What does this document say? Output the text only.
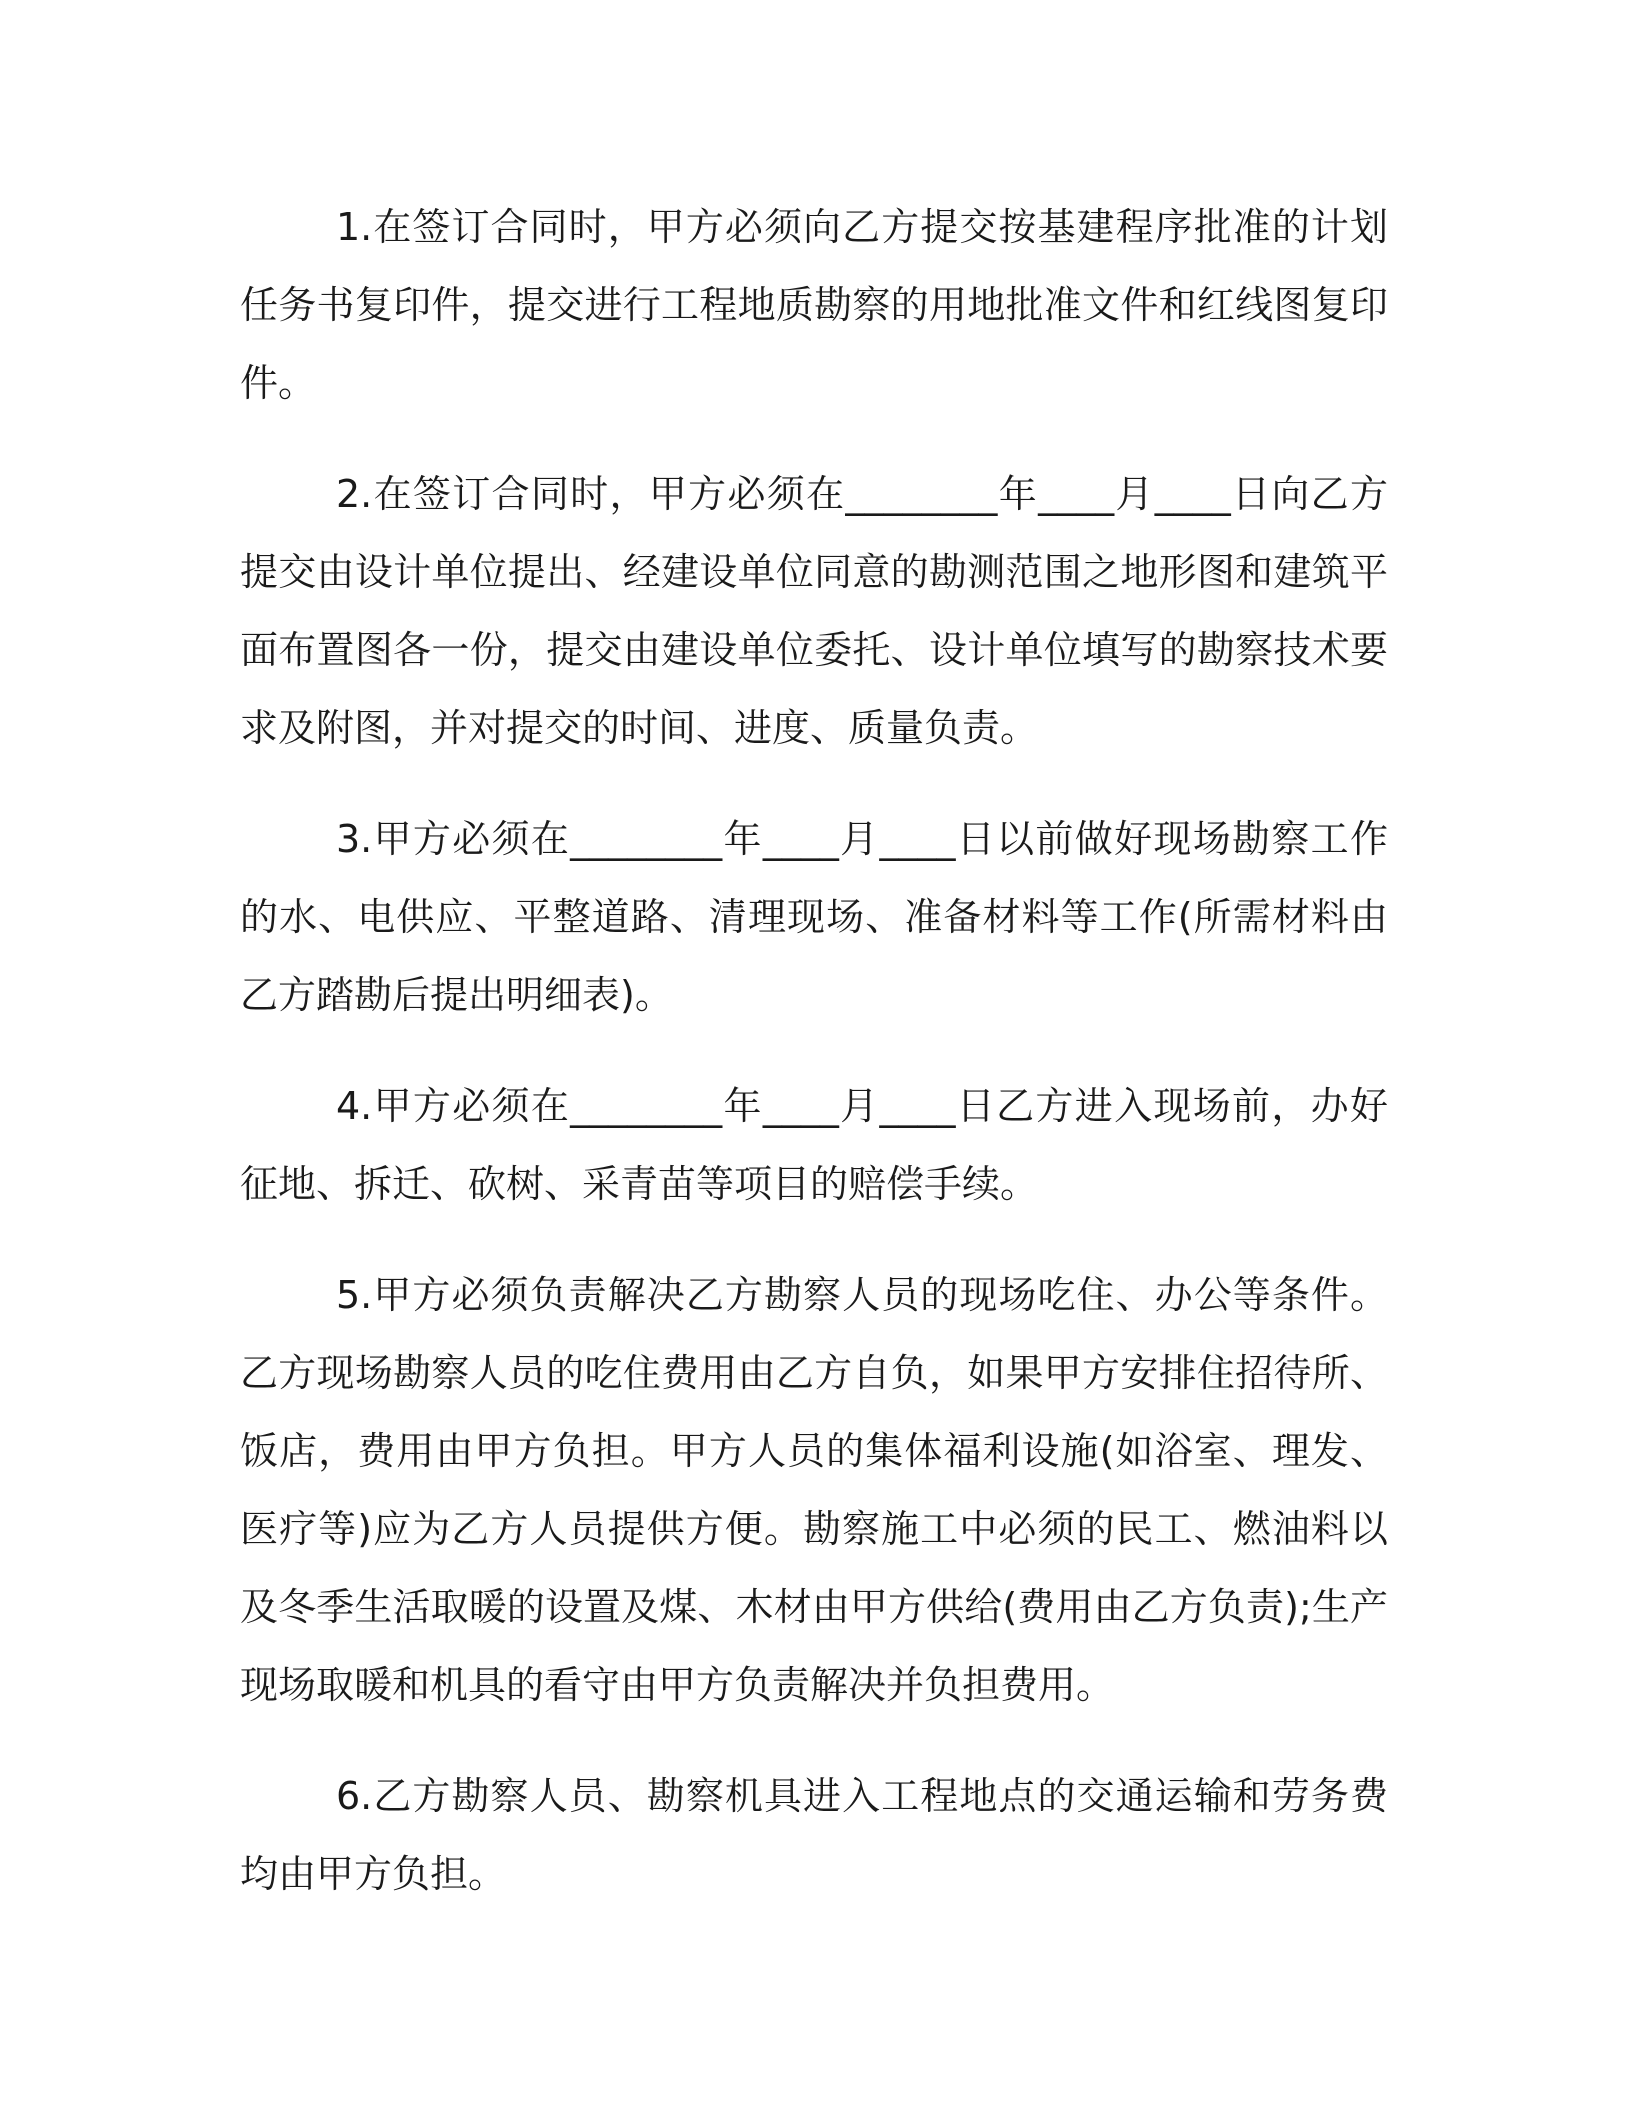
1.在签订合同时，甲方必须向乙方提交按基建程序批准的计划任务书复印件，提交进行工程地质勘察的用地批准文件和红线图复印件。

2.在签订合同时，甲方必须在________年____月____日向乙方提交由设计单位提出、经建设单位同意的勘测范围之地形图和建筑平面布置图各一份，提交由建设单位委托、设计单位填写的勘察技术要求及附图，并对提交的时间、进度、质量负责。

3.甲方必须在________年____月____日以前做好现场勘察工作的水、电供应、平整道路、清理现场、准备材料等工作(所需材料由乙方踏勘后提出明细表)。

4.甲方必须在________年____月____日乙方进入现场前，办好征地、拆迁、砍树、采青苗等项目的赔偿手续。

5.甲方必须负责解决乙方勘察人员的现场吃住、办公等条件。乙方现场勘察人员的吃住费用由乙方自负，如果甲方安排住招待所、饭店，费用由甲方负担。甲方人员的集体福利设施(如浴室、理发、医疗等)应为乙方人员提供方便。勘察施工中必须的民工、燃油料以及冬季生活取暖的设置及煤、木材由甲方供给(费用由乙方负责);生产现场取暖和机具的看守由甲方负责解决并负担费用。

6.乙方勘察人员、勘察机具进入工程地点的交通运输和劳务费均由甲方负担。
